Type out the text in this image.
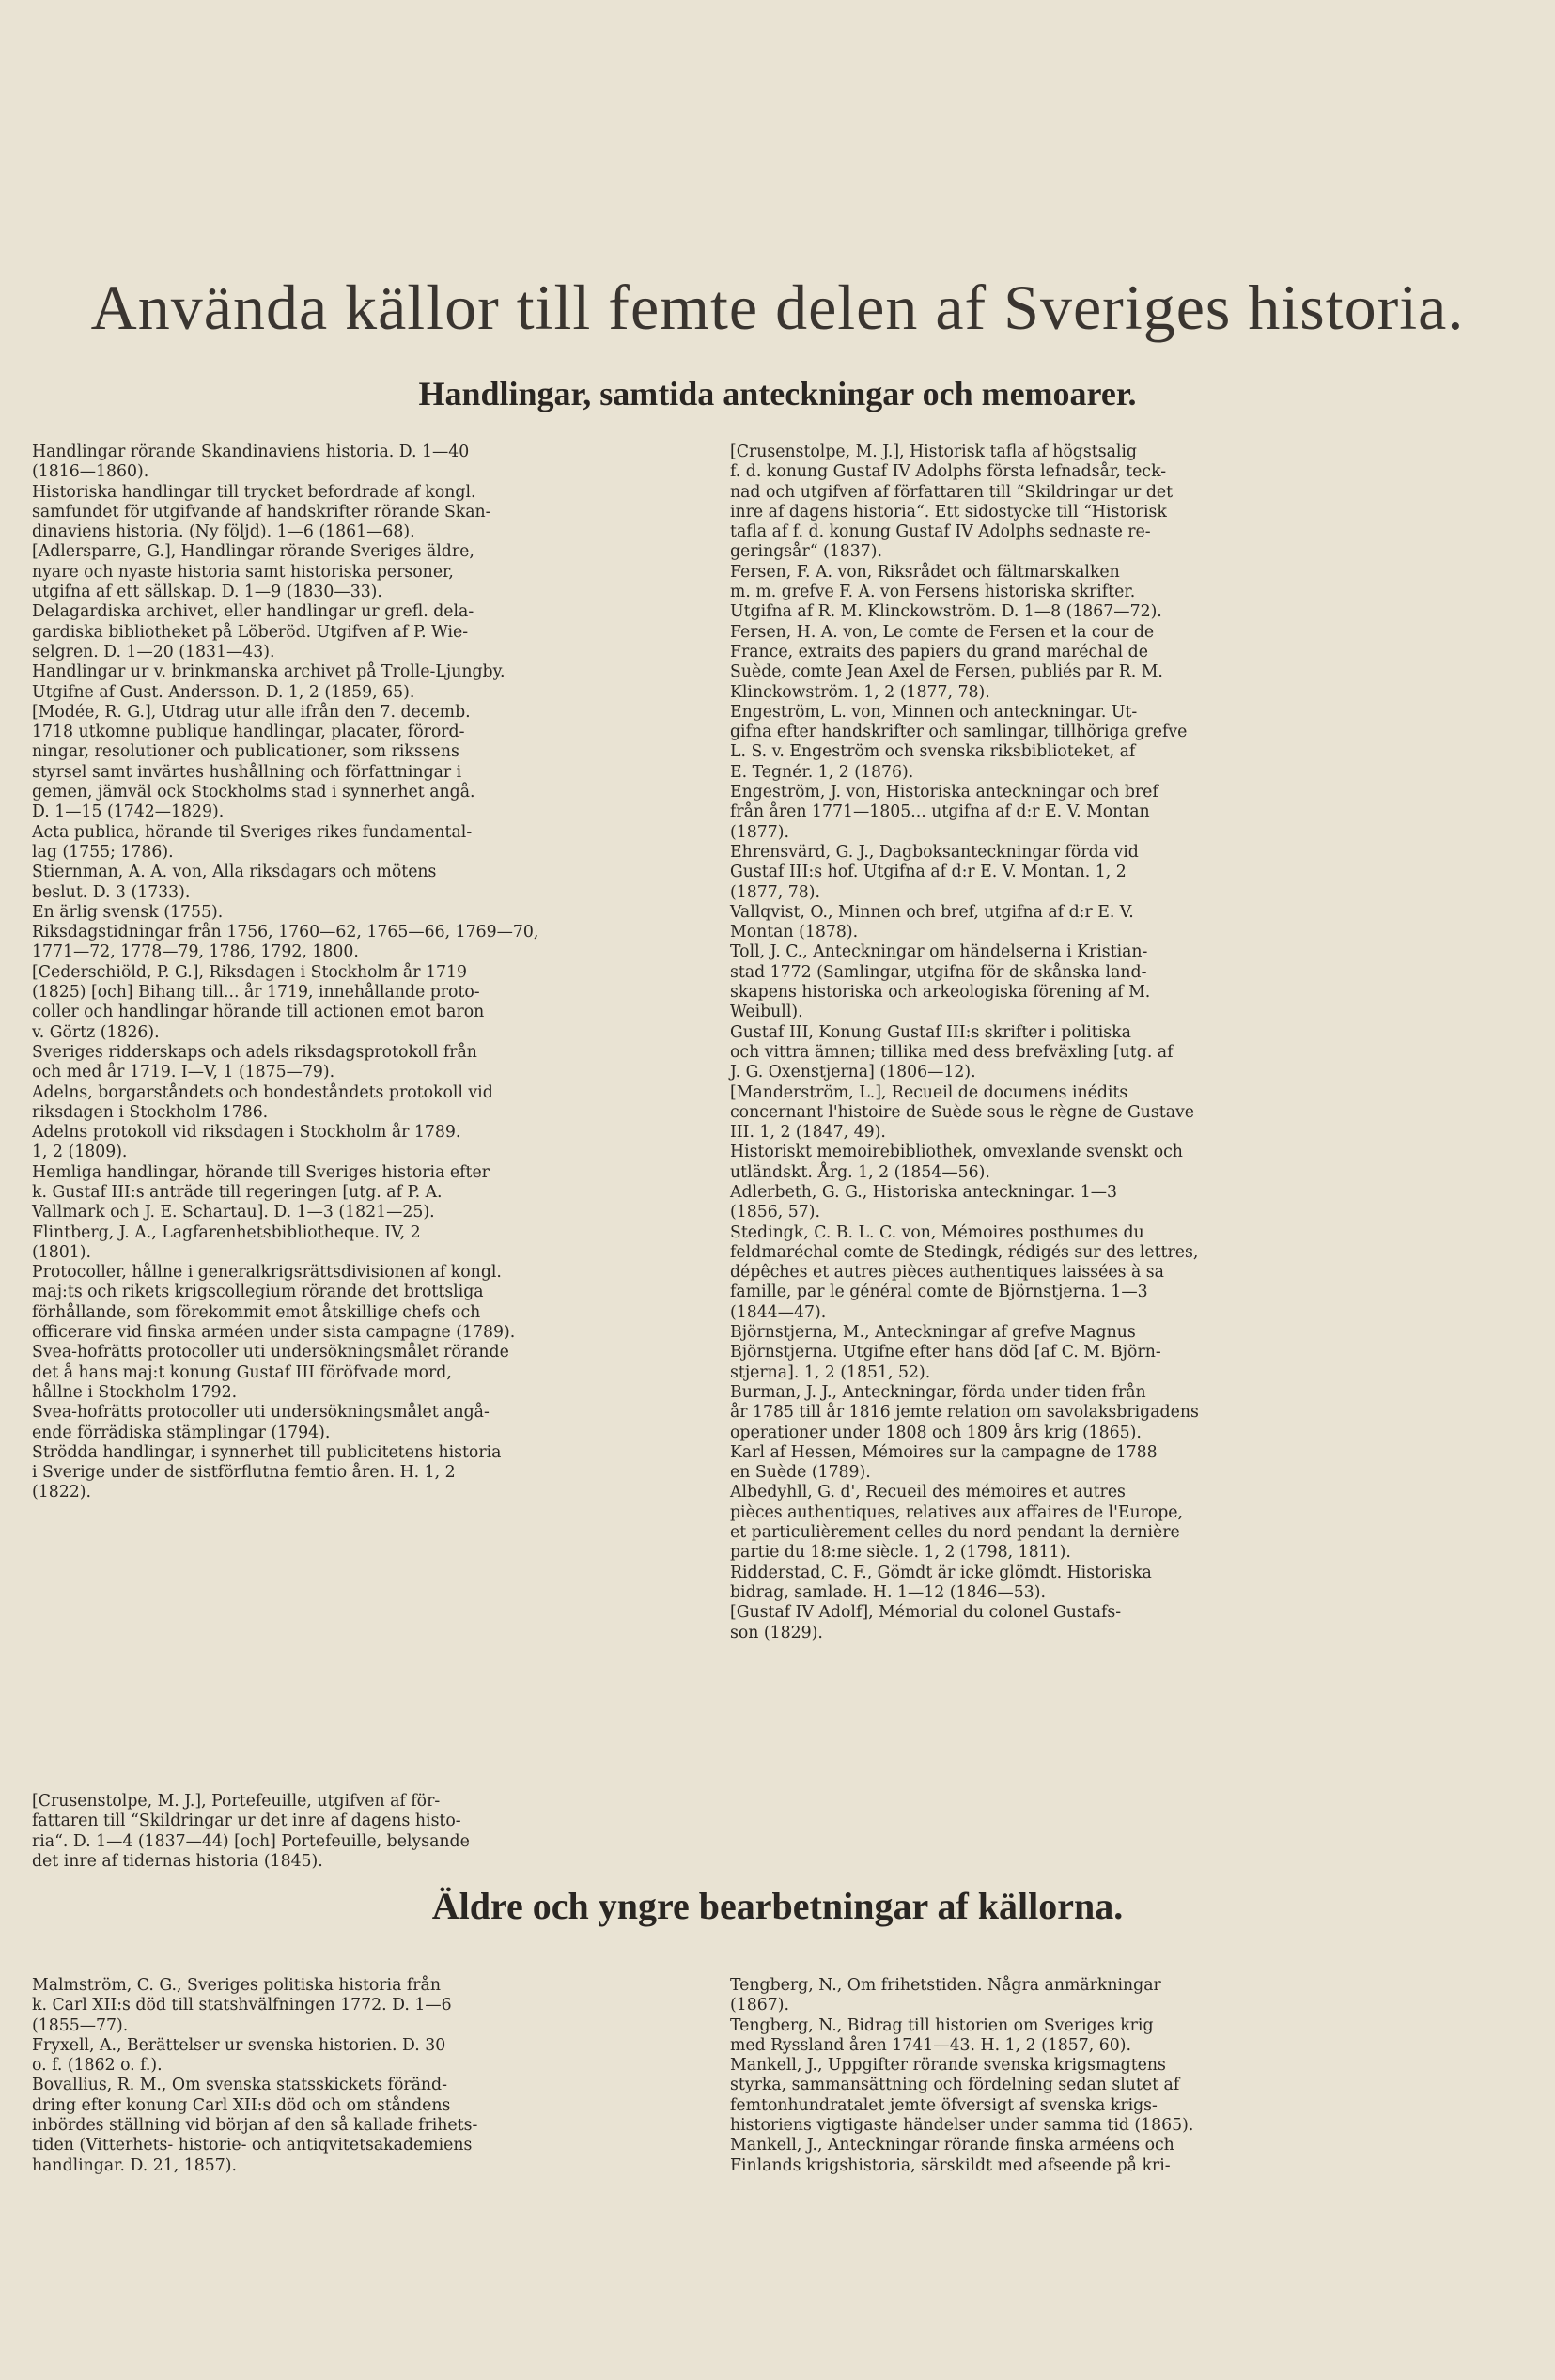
Använda källor till femte delen af Sveriges historia.
Handlingar, samtida anteckningar och memoarer.

Handlingar rörande Skandinaviens historia. D. 1—40
(1816—1860).

Historiska handlingar till trycket befordrade af kongl.
samfundet för utgifvande af handskrifter rörande Skan-
dinaviens historia. (Ny följd). 1—6 (1861—68).

[Adlersparre, G.], Handlingar rörande Sveriges äldre,
nyare och nyaste historia samt historiska personer,
utgifna af ett sällskap. D. 1—9 (1830—33).

Delagardiska archivet, eller handlingar ur grefl. dela-
gardiska bibliotheket på Löberöd. Utgifven af P. Wie-
selgren. D. 1—20 (1831—43).

Handlingar ur v. brinkmanska archivet på Trolle-Ljungby.
Utgifne af Gust. Andersson. D. 1, 2 (1859, 65).

[Modée, R. G.], Utdrag utur alle ifrån den 7. decemb.
1718 utkomne publique handlingar, placater, förord-
ningar, resolutioner och publicationer, som rikssens
styrsel samt invärtes hushållning och författningar i
gemen, jämväl ock Stockholms stad i synnerhet angå.
D. 1—15 (1742—1829).

Acta publica, hörande til Sveriges rikes fundamental-
lag (1755; 1786).

Stiernman, A. A. von, Alla riksdagars och mötens
beslut. D. 3 (1733).

En ärlig svensk (1755).

Riksdagstidningar från 1756, 1760—62, 1765—66, 1769—70,
1771—72, 1778—79, 1786, 1792, 1800.

[Cederschiöld, P. G.], Riksdagen i Stockholm år 1719
(1825) [och] Bihang till... år 1719, innehållande proto-
coller och handlingar hörande till actionen emot baron
v. Görtz (1826).

Sveriges ridderskaps och adels riksdagsprotokoll från
och med år 1719. I—V, 1 (1875—79).

Adelns, borgarståndets och bondeståndets protokoll vid
riksdagen i Stockholm 1786.

Adelns protokoll vid riksdagen i Stockholm år 1789.
1, 2 (1809).

Hemliga handlingar, hörande till Sveriges historia efter
k. Gustaf III:s anträde till regeringen [utg. af P. A.
Vallmark och J. E. Schartau]. D. 1—3 (1821—25).

Flintberg, J. A., Lagfarenhetsbibliotheque. IV, 2
(1801).

Protocoller, hållne i generalkrigsrättsdivisionen af kongl.
maj:ts och rikets krigscollegium rörande det brottsliga
förhållande, som förekommit emot åtskillige chefs och
officerare vid finska arméen under sista campagne (1789).

Svea-hofrätts protocoller uti undersökningsmålet rörande
det å hans maj:t konung Gustaf III föröfvade mord,
hållne i Stockholm 1792.

Svea-hofrätts protocoller uti undersökningsmålet angå-
ende förrädiska stämplingar (1794).

Strödda handlingar, i synnerhet till publicitetens historia
i Sverige under de sistförflutna femtio åren. H. 1, 2
(1822).

[Crusenstolpe, M. J.], Portefeuille, utgifven af för-
fattaren till “Skildringar ur det inre af dagens histo-
ria“. D. 1—4 (1837—44) [och] Portefeuille, belysande
det inre af tidernas historia (1845).

[Crusenstolpe, M. J.], Historisk tafla af högstsalig
f. d. konung Gustaf IV Adolphs första lefnadsår, teck-
nad och utgifven af författaren till “Skildringar ur det
inre af dagens historia“. Ett sidostycke till “Historisk
tafla af f. d. konung Gustaf IV Adolphs sednaste re-
geringsår“ (1837).

Fersen, F. A. von, Riksrådet och fältmarskalken
m. m. grefve F. A. von Fersens historiska skrifter.
Utgifna af R. M. Klinckowström. D. 1—8 (1867—72).

Fersen, H. A. von, Le comte de Fersen et la cour de
France, extraits des papiers du grand maréchal de
Suède, comte Jean Axel de Fersen, publiés par R. M.
Klinckowström. 1, 2 (1877, 78).

Engeström, L. von, Minnen och anteckningar. Ut-
gifna efter handskrifter och samlingar, tillhöriga grefve
L. S. v. Engeström och svenska riksbiblioteket, af
E. Tegnér. 1, 2 (1876).

Engeström, J. von, Historiska anteckningar och bref
från åren 1771—1805... utgifna af d:r E. V. Montan
(1877).

Ehrensvärd, G. J., Dagboksanteckningar förda vid
Gustaf III:s hof. Utgifna af d:r E. V. Montan. 1, 2
(1877, 78).

Vallqvist, O., Minnen och bref, utgifna af d:r E. V.
Montan (1878).

Toll, J. C., Anteckningar om händelserna i Kristian-
stad 1772 (Samlingar, utgifna för de skånska land-
skapens historiska och arkeologiska förening af M.
Weibull).

Gustaf III, Konung Gustaf III:s skrifter i politiska
och vittra ämnen; tillika med dess brefväxling [utg. af
J. G. Oxenstjerna] (1806—12).

[Manderström, L.], Recueil de documens inédits
concernant l'histoire de Suède sous le règne de Gustave
III. 1, 2 (1847, 49).

Historiskt memoirebibliothek, omvexlande svenskt och
utländskt. Årg. 1, 2 (1854—56).

Adlerbeth, G. G., Historiska anteckningar. 1—3
(1856, 57).

Stedingk, C. B. L. C. von, Mémoires posthumes du
feldmaréchal comte de Stedingk, rédigés sur des lettres,
dépêches et autres pièces authentiques laissées à sa
famille, par le général comte de Björnstjerna. 1—3
(1844—47).

Björnstjerna, M., Anteckningar af grefve Magnus
Björnstjerna. Utgifne efter hans död [af C. M. Björn-
stjerna]. 1, 2 (1851, 52).

Burman, J. J., Anteckningar, förda under tiden från
år 1785 till år 1816 jemte relation om savolaksbrigadens
operationer under 1808 och 1809 års krig (1865).

Karl af Hessen, Mémoires sur la campagne de 1788
en Suède (1789).

Albedyhll, G. d', Recueil des mémoires et autres
pièces authentiques, relatives aux affaires de l'Europe,
et particulièrement celles du nord pendant la dernière
partie du 18:me siècle. 1, 2 (1798, 1811).

Ridderstad, C. F., Gömdt är icke glömdt. Historiska
bidrag, samlade. H. 1—12 (1846—53).

[Gustaf IV Adolf], Mémorial du colonel Gustafs-
son (1829).

Äldre och yngre bearbetningar af källorna.

Malmström, C. G., Sveriges politiska historia från
k. Carl XII:s död till statshvälfningen 1772. D. 1—6
(1855—77).

Fryxell, A., Berättelser ur svenska historien. D. 30
o. f. (1862 o. f.).

Bovallius, R. M., Om svenska statsskickets föränd-
dring efter konung Carl XII:s död och om ståndens
inbördes ställning vid början af den så kallade frihets-
tiden (Vitterhets- historie- och antiqvitetsakademiens
handlingar. D. 21, 1857).

Tengberg, N., Om frihetstiden. Några anmärkningar
(1867).

Tengberg, N., Bidrag till historien om Sveriges krig
med Ryssland åren 1741—43. H. 1, 2 (1857, 60).

Mankell, J., Uppgifter rörande svenska krigsmagtens
styrka, sammansättning och fördelning sedan slutet af
femtonhundratalet jemte öfversigt af svenska krigs-
historiens vigtigaste händelser under samma tid (1865).

Mankell, J., Anteckningar rörande finska arméens och
Finlands krigshistoria, särskildt med afseende på kri-
